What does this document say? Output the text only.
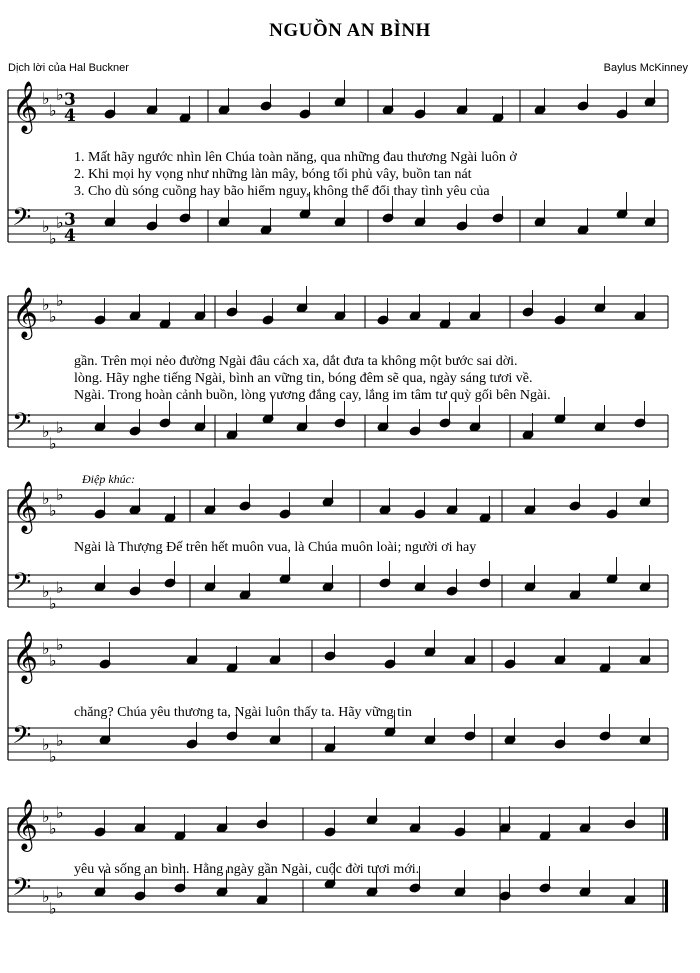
NGUỒN AN BÌNH
Dịch lời của Hal Buckner	Baylus McKinney
𝄞 ♭
♭
♭ 3
4
𝄢 ♭
♭
♭ 3
4
𝄞 ♭
♭
♭
𝄢 ♭
♭
♭
𝄞 ♭
♭
♭
𝄢 ♭
♭
♭
𝄞 ♭
♭
♭
𝄢 ♭
♭
♭
𝄞 ♭
♭
♭
𝄢 ♭
♭
♭
1. Mất hãy ngước nhìn lên Chúa toàn năng, qua những đau thương Ngài luôn ở
2. Khi mọi hy vọng như những làn mây, bóng tối phủ vây, buồn tan nát
3. Cho dù sóng cuồng hay bão hiểm nguy, không thể đổi thay tình yêu của
gần. Trên mọi nẻo đường Ngài đâu cách xa, dắt đưa ta không một bước sai dời.
lòng. Hãy nghe tiếng Ngài, bình an vững tin, bóng đêm sẽ qua, ngày sáng tươi về.
Ngài. Trong hoàn cảnh buồn, lòng vương đắng cay, lắng im tâm tư quỳ gối bên Ngài.
Điệp khúc:
Ngài là Thượng Đế trên hết muôn vua, là Chúa muôn loài; người ơi hay
chăng? Chúa yêu thương ta, Ngài luôn thấy ta. Hãy vững tin
yêu và sống an bình. Hằng ngày gần Ngài, cuộc đời tươi mới.
